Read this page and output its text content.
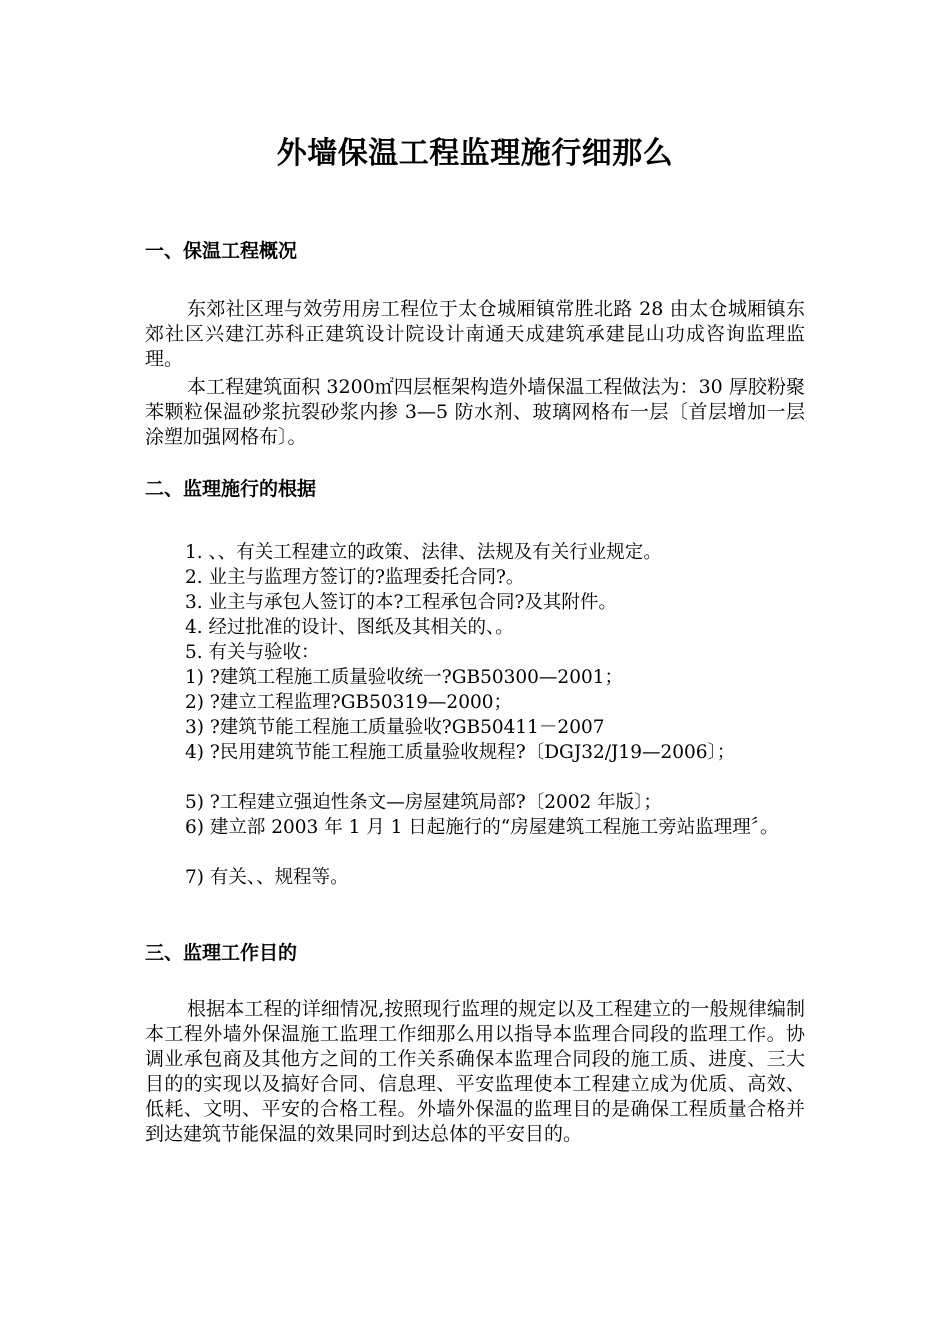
外墙保温工程监理施行细那么
一、保温工程概况

东郊社区理与效劳用房工程位于太仓城厢镇常胜北路 28 由太仓城厢镇东郊社区兴建江苏科正建筑设计院设计南通天成建筑承建昆山功成咨询监理监理。

本工程建筑面积 3200㎡四层框架构造外墙保温工程做法为：30 厚胶粉聚苯颗粒保温砂浆抗裂砂浆内掺 3—5 防水剂、玻璃网格布一层〔首层增加一层涂塑加强网格布〕。

二、监理施行的根据

1. 、、有关工程建立的政策、法律、法规及有关行业规定。

2. 业主与监理方签订的?监理委托合同?。

3. 业主与承包人签订的本?工程承包合同?及其附件。

4. 经过批准的设计、图纸及其相关的、。

5. 有关与验收：

1) ?建筑工程施工质量验收统一?GB50300—2001；

2) ?建立工程监理?GB50319—2000；

3) ?建筑节能工程施工质量验收?GB50411－2007

4) ?民用建筑节能工程施工质量验收规程?〔DGJ32/J19—2006〕；

5) ?工程建立强迫性条文—房屋建筑局部?〔2002 年版〕；

6) 建立部 2003 年 1 月 1 日起施行的“房屋建筑工程施工旁站监理理〞。

7) 有关、、规程等。

三、监理工作目的

根据本工程的详细情况,按照现行监理的规定以及工程建立的一般规律编制本工程外墙外保温施工监理工作细那么用以指导本监理合同段的监理工作。协调业承包商及其他方之间的工作关系确保本监理合同段的施工质、进度、三大目的的实现以及搞好合同、信息理、平安监理使本工程建立成为优质、高效、低耗、文明、平安的合格工程。外墙外保温的监理目的是确保工程质量合格并到达建筑节能保温的效果同时到达总体的平安目的。
